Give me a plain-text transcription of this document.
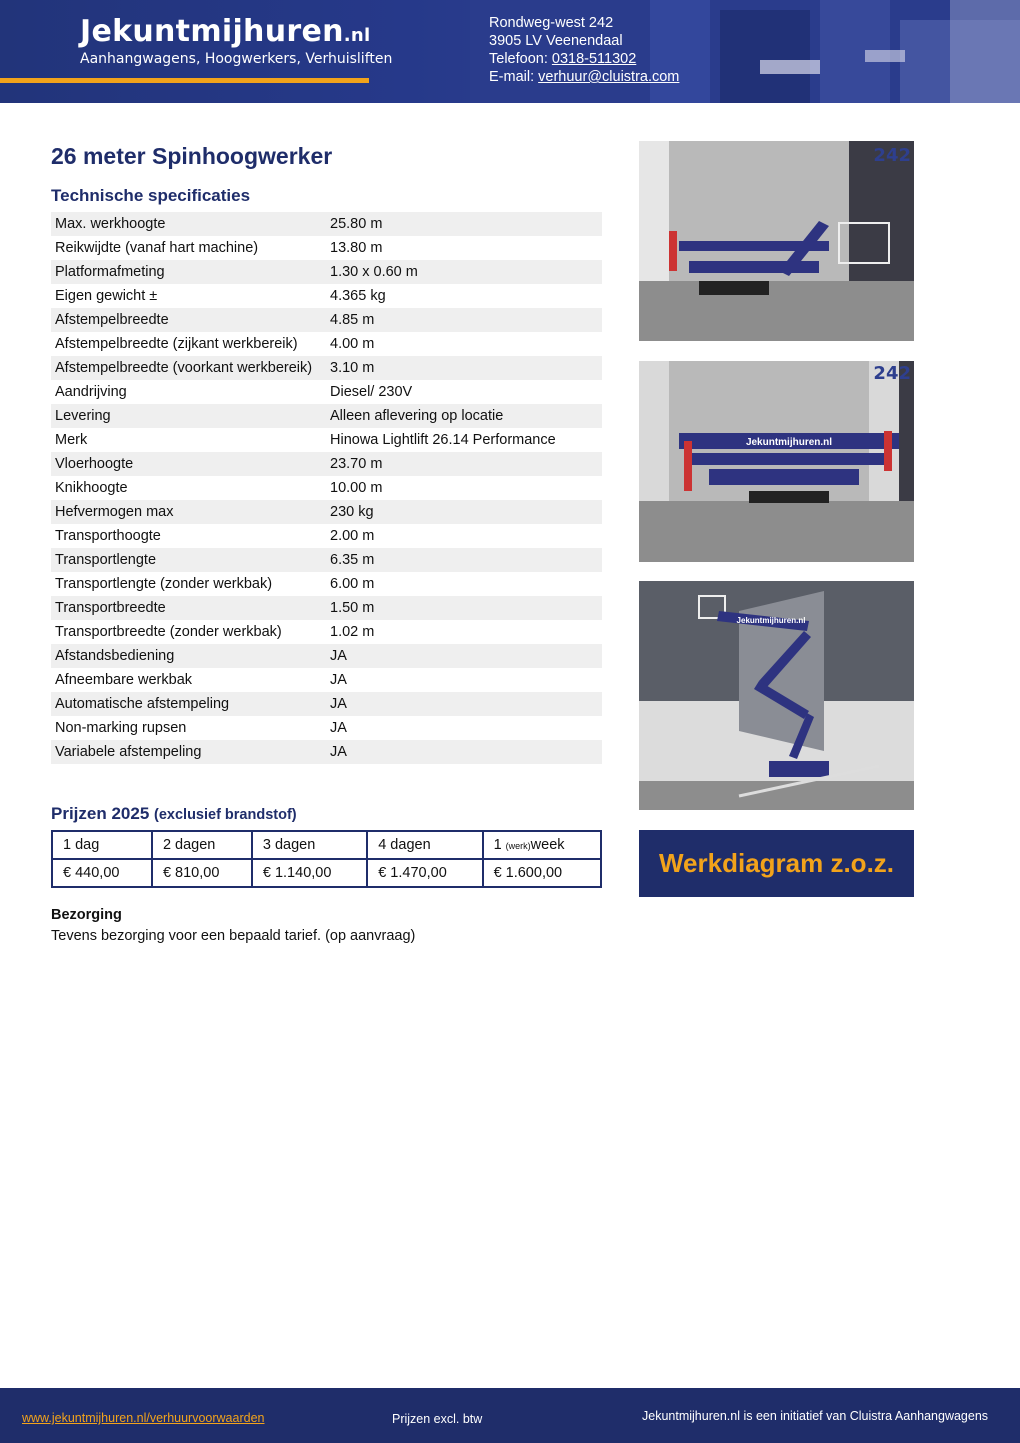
Jekuntmijhuren.nl
Aanhangwagens, Hoogwerkers, Verhuisliften
Rondweg-west 242
3905 LV Veenendaal
Telefoon: 0318-511302
E-mail: verhuur@cluistra.com
26 meter Spinhoogwerker
Technische specificaties
Max. werkhoogte	25.80 m
Reikwijdte (vanaf hart machine)	13.80 m
Platformafmeting	1.30 x 0.60 m
Eigen gewicht ±	4.365 kg
Afstempelbreedte	4.85 m
Afstempelbreedte (zijkant werkbereik)	4.00 m
Afstempelbreedte (voorkant werkbereik)	3.10 m
Aandrijving	Diesel/ 230V
Levering	Alleen aflevering op locatie
Merk	Hinowa Lightlift 26.14 Performance
Vloerhoogte	23.70 m
Knikhoogte	10.00 m
Hefvermogen max	230 kg
Transporthoogte	2.00 m
Transportlengte	6.35 m
Transportlengte (zonder werkbak)	6.00 m
Transportbreedte	1.50 m
Transportbreedte (zonder werkbak)	1.02 m
Afstandsbediening	JA
Afneembare werkbak	JA
Automatische afstempeling	JA
Non-marking rupsen	JA
Variabele afstempeling	JA
Prijzen 2025 (exclusief brandstof)
1 dag	2 dagen	3 dagen	4 dagen	1 (werk)week
€ 440,00	€ 810,00	€ 1.140,00	€ 1.470,00	€ 1.600,00
Bezorging
Tevens bezorging voor een bepaald tarief. (op aanvraag)
242
242
Jekuntmijhuren.nl
Jekuntmijhuren.nl
Werkdiagram z.o.z.
www.jekuntmijhuren.nl/verhuurvoorwaarden	Prijzen excl. btw	Jekuntmijhuren.nl is een initiatief van Cluistra Aanhangwagens
